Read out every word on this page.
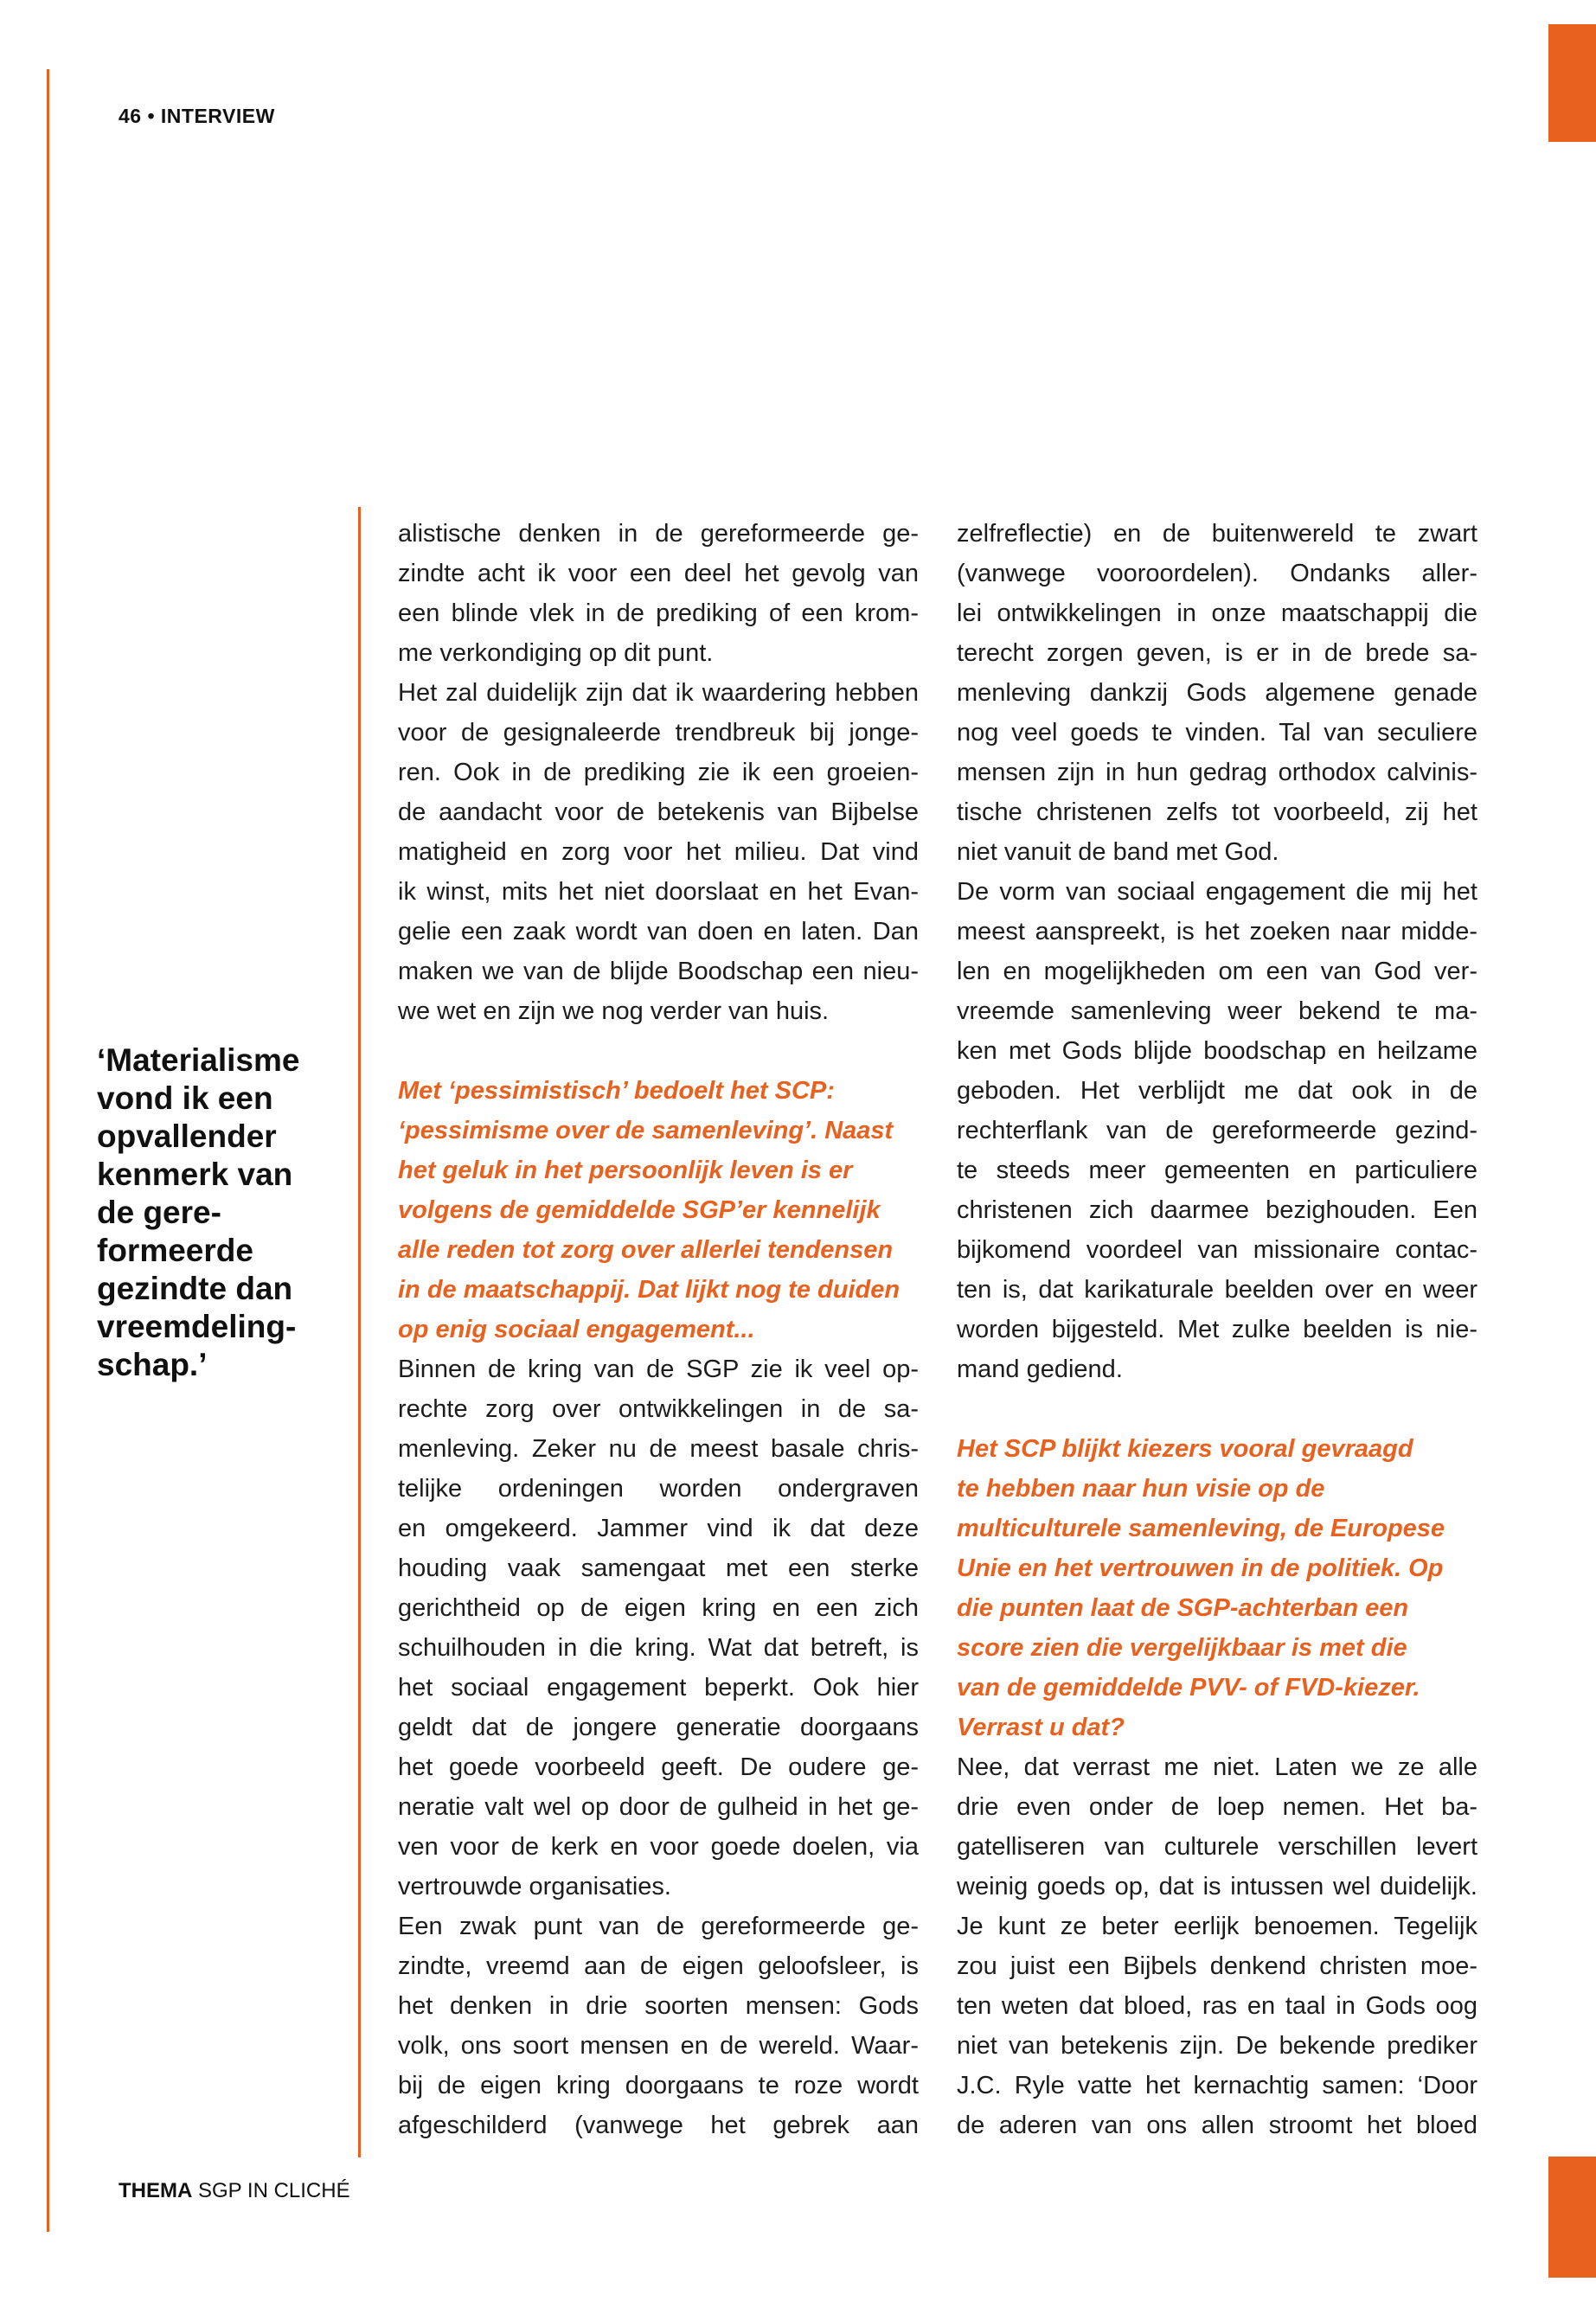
46 • INTERVIEW
‘Materialisme
vond ik een
opvallender
kenmerk van
de gere-
formeerde
gezindte dan
vreemdeling-
schap.’
alistische denken in de gereformeerde ge-
zindte acht ik voor een deel het gevolg van
een blinde vlek in de prediking of een krom-
me verkondiging op dit punt.
Het zal duidelijk zijn dat ik waardering hebben
voor de gesignaleerde trendbreuk bij jonge-
ren. Ook in de prediking zie ik een groeien-
de aandacht voor de betekenis van Bijbelse
matigheid en zorg voor het milieu. Dat vind
ik winst, mits het niet doorslaat en het Evan-
gelie een zaak wordt van doen en laten. Dan
maken we van de blijde Boodschap een nieu-
we wet en zijn we nog verder van huis.
Met ‘pessimistisch’ bedoelt het SCP:
‘pessimisme over de samenleving’. Naast
het geluk in het persoonlijk leven is er
volgens de gemiddelde SGP’er kennelijk
alle reden tot zorg over allerlei tendensen
in de maatschappij. Dat lijkt nog te duiden
op enig sociaal engagement...
Binnen de kring van de SGP zie ik veel op-
rechte zorg over ontwikkelingen in de sa-
menleving. Zeker nu de meest basale chris-
telijke ordeningen worden ondergraven
en omgekeerd. Jammer vind ik dat deze
houding vaak samengaat met een sterke
gerichtheid op de eigen kring en een zich
schuilhouden in die kring. Wat dat betreft, is
het sociaal engagement beperkt. Ook hier
geldt dat de jongere generatie doorgaans
het goede voorbeeld geeft. De oudere ge-
neratie valt wel op door de gulheid in het ge-
ven voor de kerk en voor goede doelen, via
vertrouwde organisaties.
Een zwak punt van de gereformeerde ge-
zindte, vreemd aan de eigen geloofsleer, is
het denken in drie soorten mensen: Gods
volk, ons soort mensen en de wereld. Waar-
bij de eigen kring doorgaans te roze wordt
afgeschilderd (vanwege het gebrek aan
zelfreflectie) en de buitenwereld te zwart
(vanwege vooroordelen). Ondanks aller-
lei ontwikkelingen in onze maatschappij die
terecht zorgen geven, is er in de brede sa-
menleving dankzij Gods algemene genade
nog veel goeds te vinden. Tal van seculiere
mensen zijn in hun gedrag orthodox calvinis-
tische christenen zelfs tot voorbeeld, zij het
niet vanuit de band met God.
De vorm van sociaal engagement die mij het
meest aanspreekt, is het zoeken naar midde-
len en mogelijkheden om een van God ver-
vreemde samenleving weer bekend te ma-
ken met Gods blijde boodschap en heilzame
geboden. Het verblijdt me dat ook in de
rechterflank van de gereformeerde gezind-
te steeds meer gemeenten en particuliere
christenen zich daarmee bezighouden. Een
bijkomend voordeel van missionaire contac-
ten is, dat karikaturale beelden over en weer
worden bijgesteld. Met zulke beelden is nie-
mand gediend.
Het SCP blijkt kiezers vooral gevraagd
te hebben naar hun visie op de
multiculturele samenleving, de Europese
Unie en het vertrouwen in de politiek. Op
die punten laat de SGP-achterban een
score zien die vergelijkbaar is met die
van de gemiddelde PVV- of FVD-kiezer.
Verrast u dat?
Nee, dat verrast me niet. Laten we ze alle
drie even onder de loep nemen. Het ba-
gatelliseren van culturele verschillen levert
weinig goeds op, dat is intussen wel duidelijk.
Je kunt ze beter eerlijk benoemen. Tegelijk
zou juist een Bijbels denkend christen moe-
ten weten dat bloed, ras en taal in Gods oog
niet van betekenis zijn. De bekende prediker
J.C. Ryle vatte het kernachtig samen: ‘Door
de aderen van ons allen stroomt het bloed
THEMA SGP IN CLICHÉ
